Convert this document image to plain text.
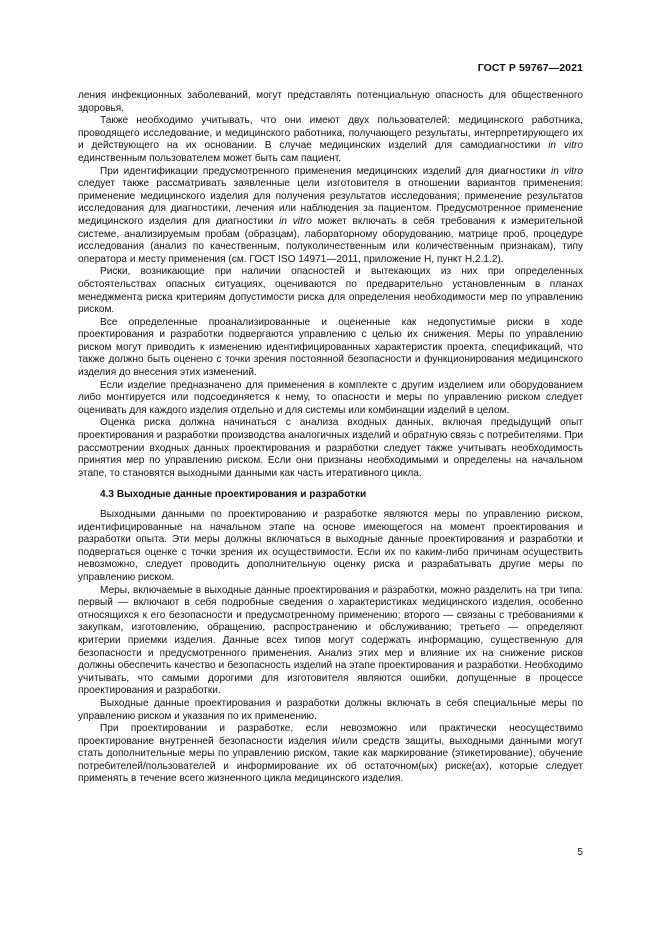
ГОСТ Р 59767—2021

ления инфекционных заболеваний, могут представлять потенциальную опасность для общественного здоровья.

Также необходимо учитывать, что они имеют двух пользователей: медицинского работника, проводящего исследование, и медицинского работника, получающего результаты, интерпретирующего их и действующего на их основании. В случае медицинских изделий для самодиагностики in vitro единственным пользователем может быть сам пациент.

При идентификации предусмотренного применения медицинских изделий для диагностики in vitro следует также рассматривать заявленные цели изготовителя в отношении вариантов применения: применение медицинского изделия для получения результатов исследования; применение результатов исследования для диагностики, лечения или наблюдения за пациентом. Предусмотренное применение медицинского изделия для диагностики in vitro может включать в себя требования к измерительной системе, анализируемым пробам (образцам), лабораторному оборудованию, матрице проб, процедуре исследования (анализ по качественным, полуколичественным или количественным признакам), типу оператора и месту применения (см. ГОСТ ISO 14971—2011, приложение H, пункт H.2.1.2).

Риски, возникающие при наличии опасностей и вытекающих из них при определенных обстоятельствах опасных ситуациях, оцениваются по предварительно установленным в планах менеджмента риска критериям допустимости риска для определения необходимости мер по управлению риском.

Все определенные проанализированные и оцененные как недопустимые риски в ходе проектирования и разработки подвергаются управлению с целью их снижения. Меры по управлению риском могут приводить к изменению идентифицированных характеристик проекта, спецификаций, что также должно быть оценено с точки зрения постоянной безопасности и функционирования медицинского изделия до внесения этих изменений.

Если изделие предназначено для применения в комплекте с другим изделием или оборудованием либо монтируется или подсоединяется к нему, то опасности и меры по управлению риском следует оценивать для каждого изделия отдельно и для системы или комбинации изделий в целом.

Оценка риска должна начинаться с анализа входных данных, включая предыдущий опыт проектирования и разработки производства аналогичных изделий и обратную связь с потребителями. При рассмотрении входных данных проектирования и разработки следует также учитывать необходимость принятия мер по управлению риском. Если они признаны необходимыми и определены на начальном этапе, то становятся выходными данными как часть итеративного цикла.

4.3 Выходные данные проектирования и разработки

Выходными данными по проектированию и разработке являются меры по управлению риском, идентифицированные на начальном этапе на основе имеющегося на момент проектирования и разработки опыта. Эти меры должны включаться в выходные данные проектирования и разработки и подвергаться оценке с точки зрения их осуществимости. Если их по каким-либо причинам осуществить невозможно, следует проводить дополнительную оценку риска и разрабатывать другие меры по управлению риском.

Меры, включаемые в выходные данные проектирования и разработки, можно разделить на три типа: первый — включают в себя подробные сведения о характеристиках медицинского изделия, особенно относящихся к его безопасности и предусмотренному применению; второго — связаны с требованиями к закупкам, изготовлению, обращению, распространению и обслуживанию; третьего — определяют критерии приемки изделия. Данные всех типов могут содержать информацию, существенную для безопасности и предусмотренного применения. Анализ этих мер и влияние их на снижение рисков должны обеспечить качество и безопасность изделий на этапе проектирования и разработки. Необходимо учитывать, что самыми дорогими для изготовителя являются ошибки, допущенные в процессе проектирования и разработки.

Выходные данные проектирования и разработки должны включать в себя специальные меры по управлению риском и указания по их применению.

При проектировании и разработке, если невозможно или практически неосуществимо проектирование внутренней безопасности изделия и/или средств защиты, выходными данными могут стать дополнительные меры по управлению риском, такие как маркирование (этикетирование), обучение потребителей/пользователей и информирование их об остаточном(ых) риске(ах), которые следует применять в течение всего жизненного цикла медицинского изделия.

5
